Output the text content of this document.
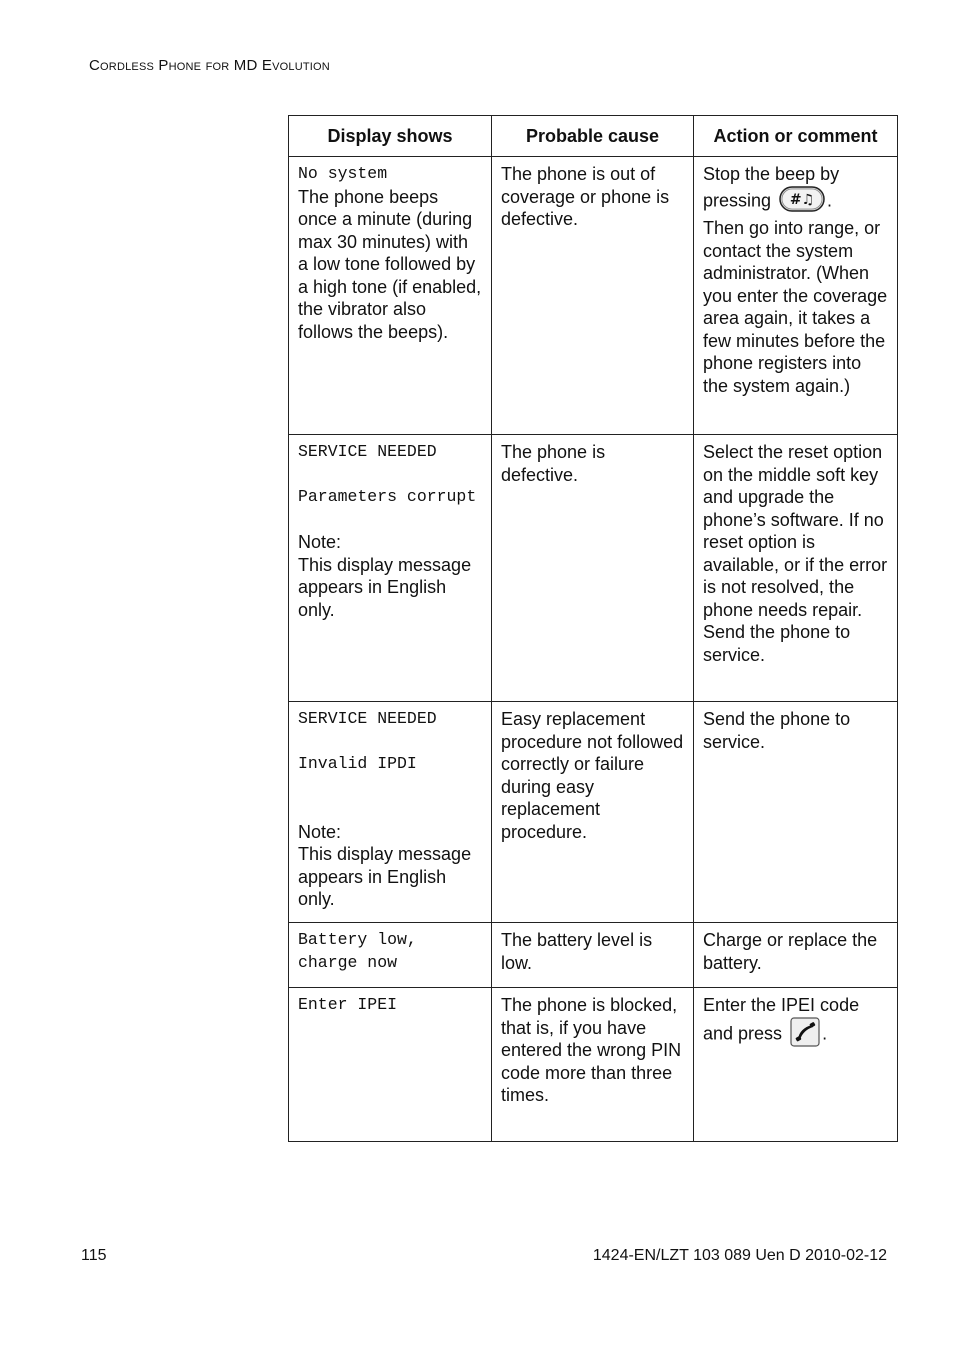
Cordless Phone for MD Evolution
Display shows	Probable cause	Action or comment

No system
The phone beeps once a minute (during max 30 minutes) with a low tone followed by a high tone (if enabled, the vibrator also follows the beeps).	The phone is out of coverage or phone is defective.	Stop the beep by pressing #♫ .
Then go into range, or contact the system administrator. (When you enter the coverage area again, it takes a few minutes before the phone registers into the system again.)

SERVICE NEEDED
Parameters corrupt
Note:
This display message appears in English only.	The phone is defective.	Select the reset option on the middle soft key and upgrade the phone’s software. If no reset option is available, or if the error is not resolved, the phone needs repair.
Send the phone to service.

SERVICE NEEDED
Invalid IPDI
Note:
This display message appears in English only.	Easy replacement procedure not followed correctly or failure during easy replacement procedure.	Send the phone to service.

Battery low,
charge now	The battery level is low.	Charge or replace the battery.

Enter IPEI	The phone is blocked, that is, if you have entered the wrong PIN code more than three times.	Enter the IPEI code
and press .
115	1424-EN/LZT 103 089 Uen D 2010-02-12
